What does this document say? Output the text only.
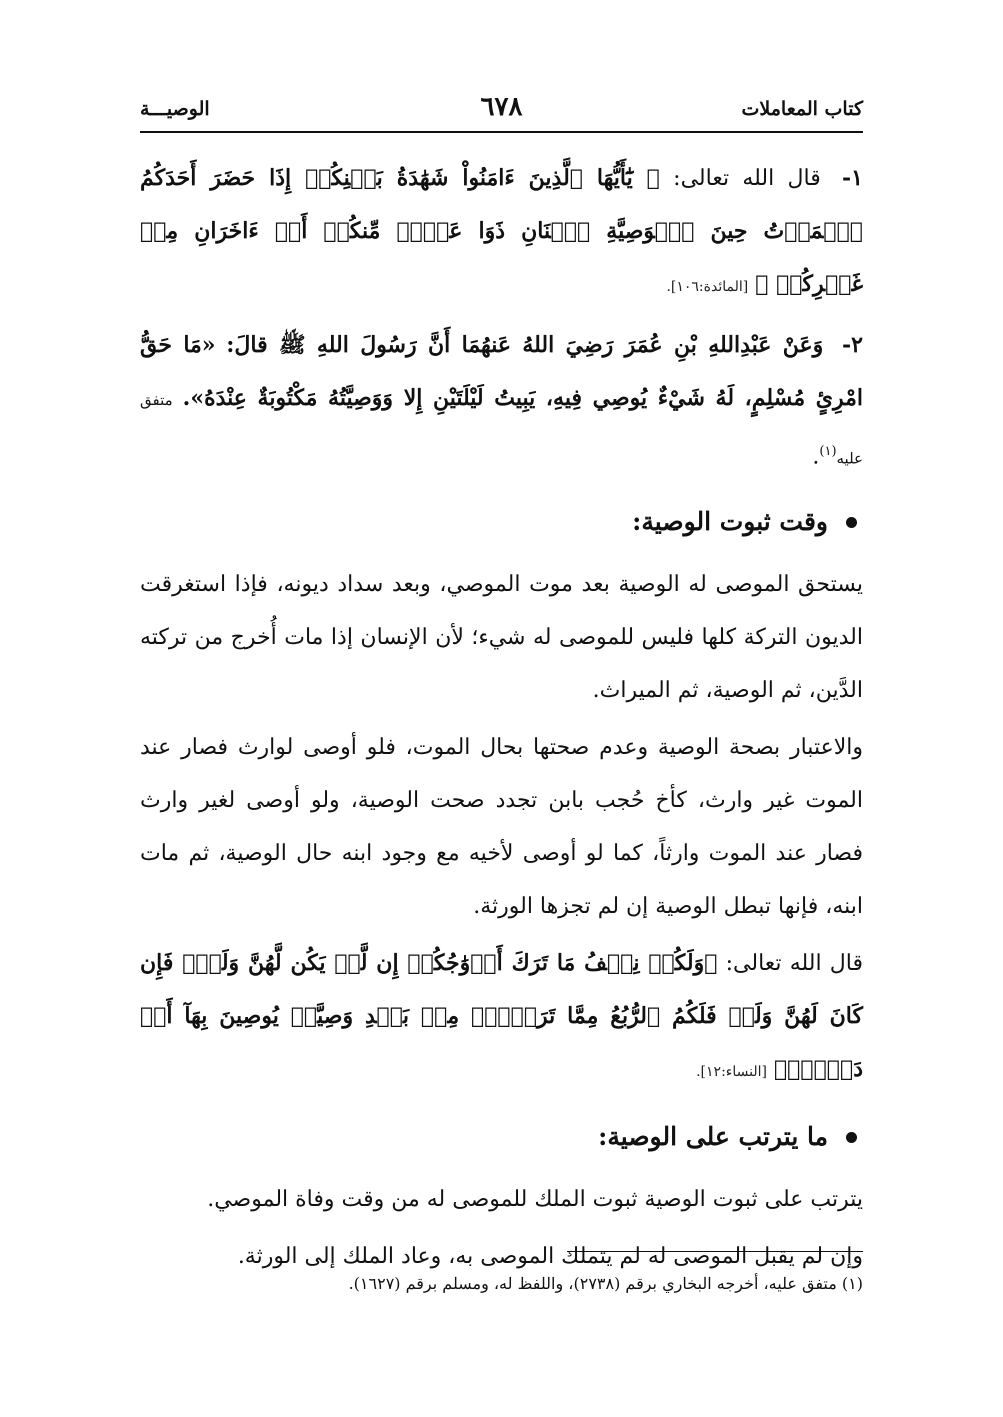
كتاب المعاملات
٦٧٨
الوصيـــة

١- قال الله تعالى: ﴿ يَٰٓأَيُّهَا ٱلَّذِينَ ءَامَنُواْ شَهَٰدَةُ بَيۡنِكُمۡ إِذَا حَضَرَ أَحَدَكُمُ ٱلۡمَوۡتُ حِينَ ٱلۡوَصِيَّةِ ٱثۡنَانِ ذَوَا عَدۡلٖ مِّنكُمۡ أَوۡ ءَاخَرَانِ مِنۡ غَيۡرِكُمۡ ﴾ [المائدة:١٠٦].

٢- وَعَنْ عَبْدِاللهِ بْنِ عُمَرَ رَضِيَ اللهُ عَنهُمَا أَنَّ رَسُولَ اللهِ ﷺ قالَ: «مَا حَقُّ امْرِئٍ مُسْلِمٍ، لَهُ شَيْءٌ يُوصِي فِيهِ، يَبِيتُ لَيْلَتَيْنِ إِلا وَوَصِيَّتُهُ مَكْتُوبَةٌ عِنْدَهُ». متفق عليه$^{(١)}$.

وقت ثبوت الوصية:

يستحق الموصى له الوصية بعد موت الموصي، وبعد سداد ديونه، فإذا استغرقت الديون التركة كلها فليس للموصى له شيء؛ لأن الإنسان إذا مات أُخرج من تركته الدَّين، ثم الوصية، ثم الميراث.

والاعتبار بصحة الوصية وعدم صحتها بحال الموت، فلو أوصى لوارث فصار عند الموت غير وارث، كأخ حُجب بابن تجدد صحت الوصية، ولو أوصى لغير وارث فصار عند الموت وارثاً، كما لو أوصى لأخيه مع وجود ابنه حال الوصية، ثم مات ابنه، فإنها تبطل الوصية إن لم تجزها الورثة.

قال الله تعالى: ﴿وَلَكُمۡ نِصۡفُ مَا تَرَكَ أَزۡوَٰجُكُمۡ إِن لَّمۡ يَكُن لَّهُنَّ وَلَدٞۚ فَإِن كَانَ لَهُنَّ وَلَدٞ فَلَكُمُ ٱلرُّبُعُ مِمَّا تَرَكۡنَۚ مِنۢ بَعۡدِ وَصِيَّةٖ يُوصِينَ بِهَآ أَوۡ دَيۡنٖۚ﴾ [النساء:١٢].

ما يترتب على الوصية:

يترتب على ثبوت الوصية ثبوت الملك للموصى له من وقت وفاة الموصي.

وإن لم يقبل الموصى له لم يتملك الموصى به، وعاد الملك إلى الورثة.

(١) متفق عليه، أخرجه البخاري برقم (٢٧٣٨)، واللفظ له، ومسلم برقم (١٦٢٧).
